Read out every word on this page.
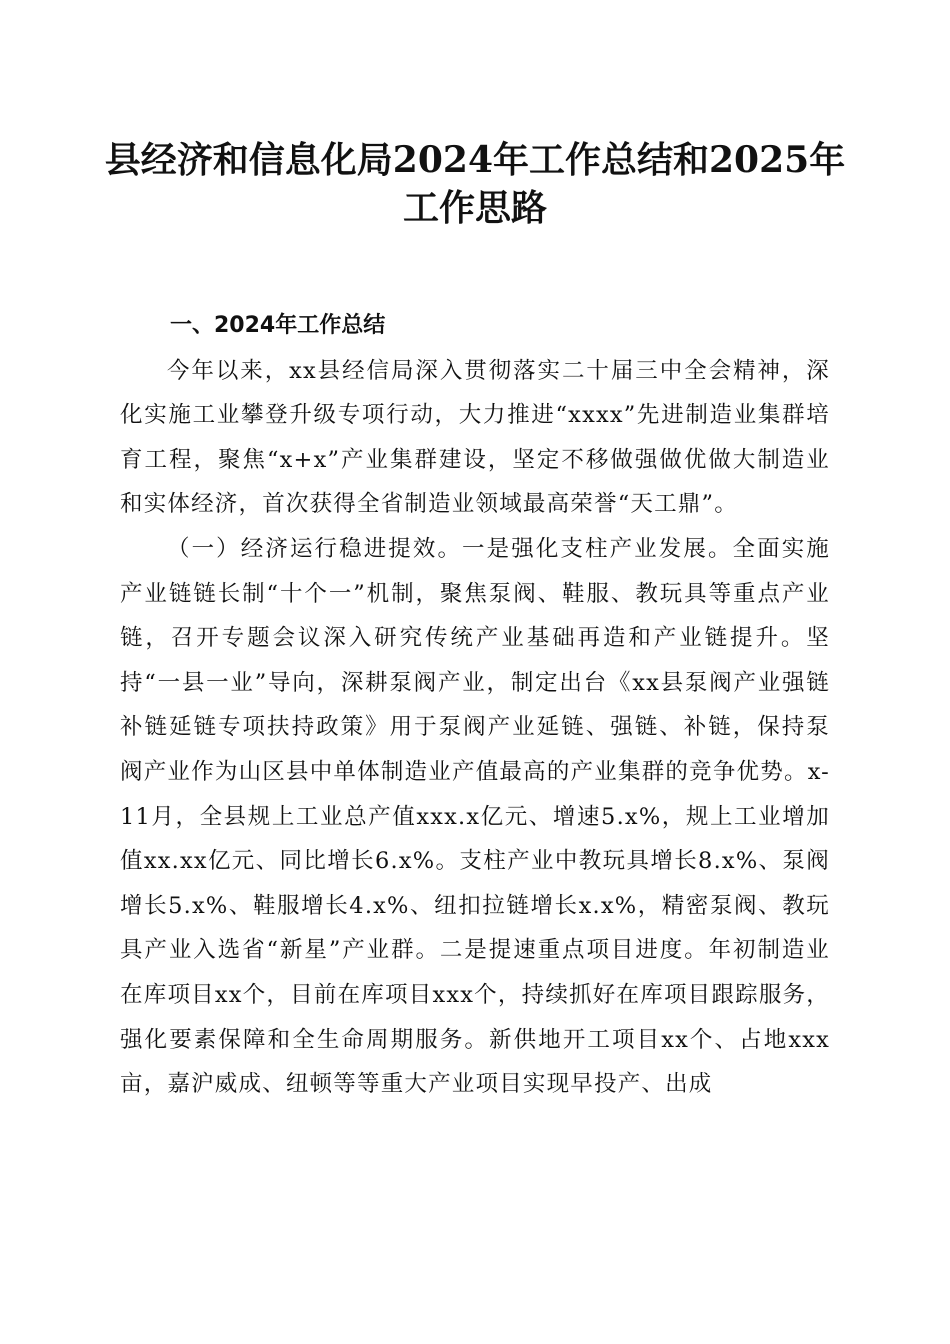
县经济和信息化局2024年工作总结和2025年
工作思路

一、2024年工作总结

今年以来，xx县经信局深入贯彻落实二十届三中全会精神，深化实施工业攀登升级专项行动，大力推进“xxxx”先进制造业集群培育工程，聚焦“x+x”产业集群建设，坚定不移做强做优做大制造业和实体经济，首次获得全省制造业领域最高荣誉“天工鼎”。

（一）经济运行稳进提效。一是强化支柱产业发展。全面实施产业链链长制“十个一”机制，聚焦泵阀、鞋服、教玩具等重点产业链，召开专题会议深入研究传统产业基础再造和产业链提升。坚持“一县一业”导向，深耕泵阀产业，制定出台《xx县泵阀产业强链补链延链专项扶持政策》用于泵阀产业延链、强链、补链，保持泵阀产业作为山区县中单体制造业产值最高的产业集群的竞争优势。x-11月，全县规上工业总产值xxx.x亿元、增速5.x%，规上工业增加值xx.xx亿元、同比增长6.x%。支柱产业中教玩具增长8.x%、泵阀增长5.x%、鞋服增长4.x%、纽扣拉链增长x.x%，精密泵阀、教玩具产业入选省“新星”产业群。二是提速重点项目进度。年初制造业在库项目xx个，目前在库项目xxx个，持续抓好在库项目跟踪服务，强化要素保障和全生命周期服务。新供地开工项目xx个、占地xxx亩，嘉沪威成、纽顿等等重大产业项目实现早投产、出成
